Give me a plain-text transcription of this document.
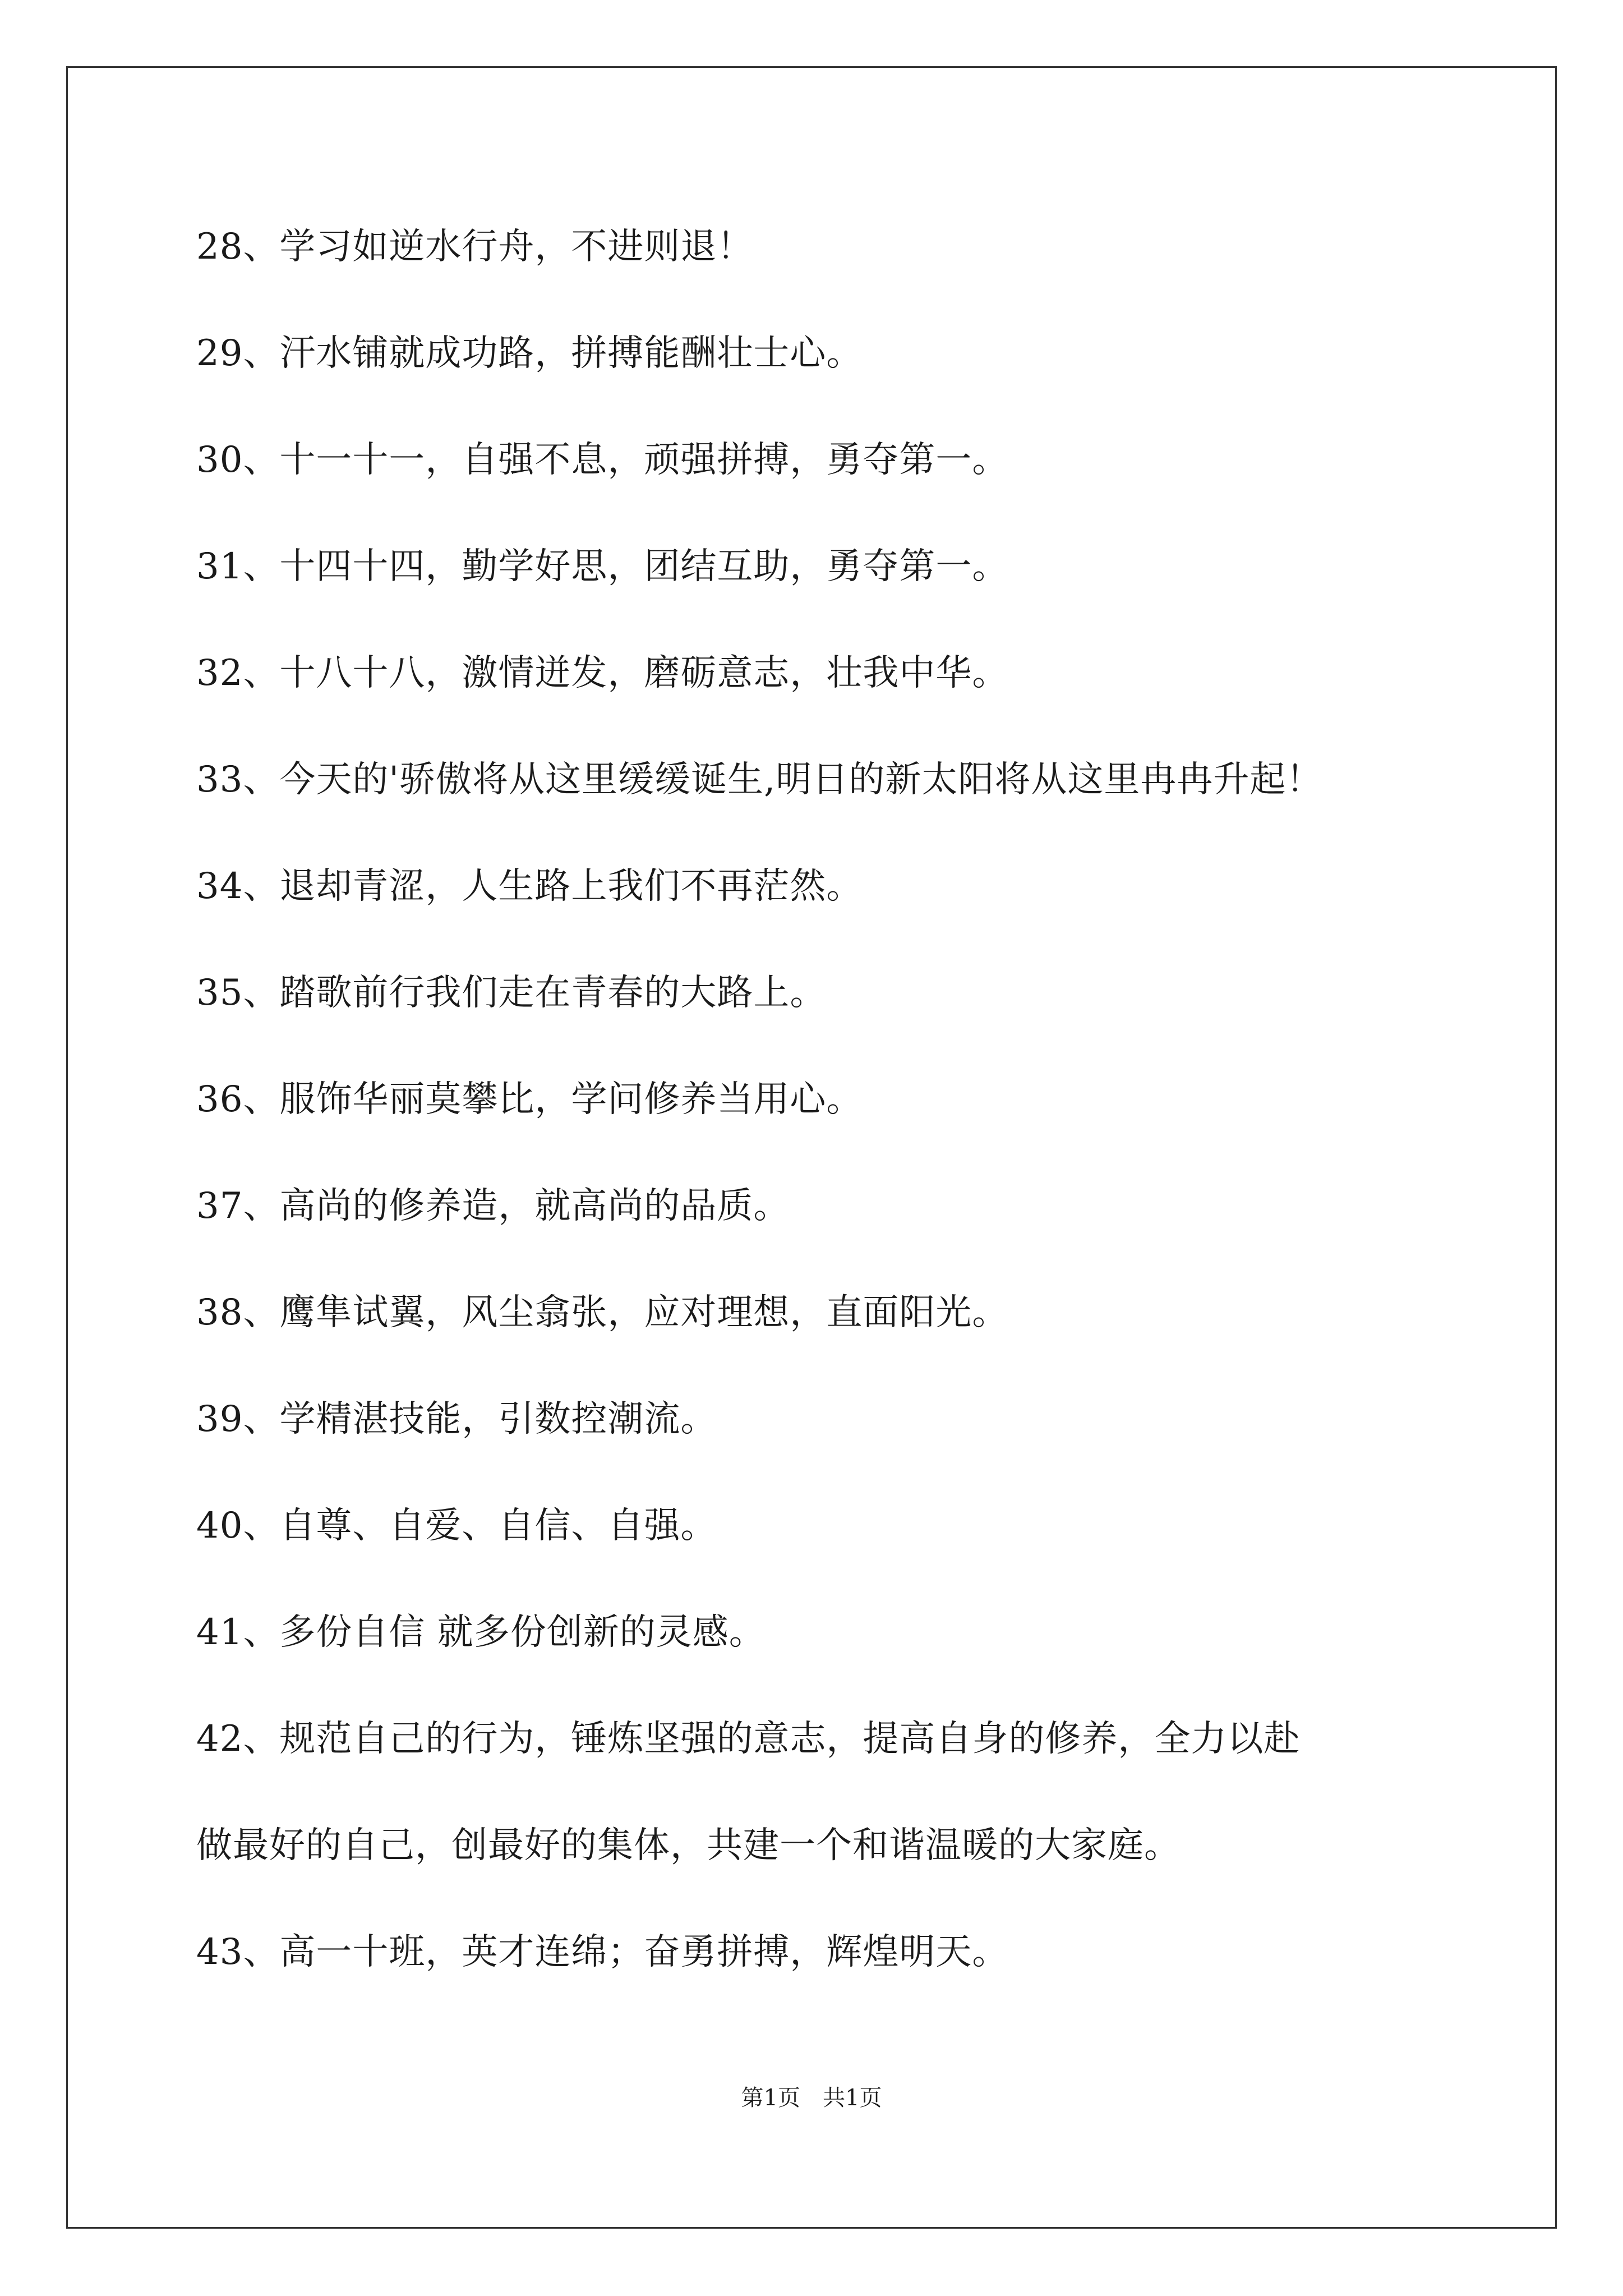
28、学习如逆水行舟，不进则退！
29、汗水铺就成功路，拼搏能酬壮士心。
30、十一十一，自强不息，顽强拼搏，勇夺第一。
31、十四十四，勤学好思，团结互助，勇夺第一。
32、十八十八，激情迸发，磨砺意志，壮我中华。
33、今天的'骄傲将从这里缓缓诞生,明日的新太阳将从这里冉冉升起！
34、退却青涩，人生路上我们不再茫然。
35、踏歌前行我们走在青春的大路上。
36、服饰华丽莫攀比，学问修养当用心。
37、高尚的修养造，就高尚的品质。
38、鹰隼试翼，风尘翕张，应对理想，直面阳光。
39、学精湛技能，引数控潮流。
40、自尊、自爱、自信、自强。
41、多份自信 就多份创新的灵感。
42、规范自己的行为，锤炼坚强的意志，提高自身的修养，全力以赴
做最好的自己，创最好的集体，共建一个和谐温暖的大家庭。
43、高一十班，英才连绵；奋勇拼搏，辉煌明天。
第1页　共1页
